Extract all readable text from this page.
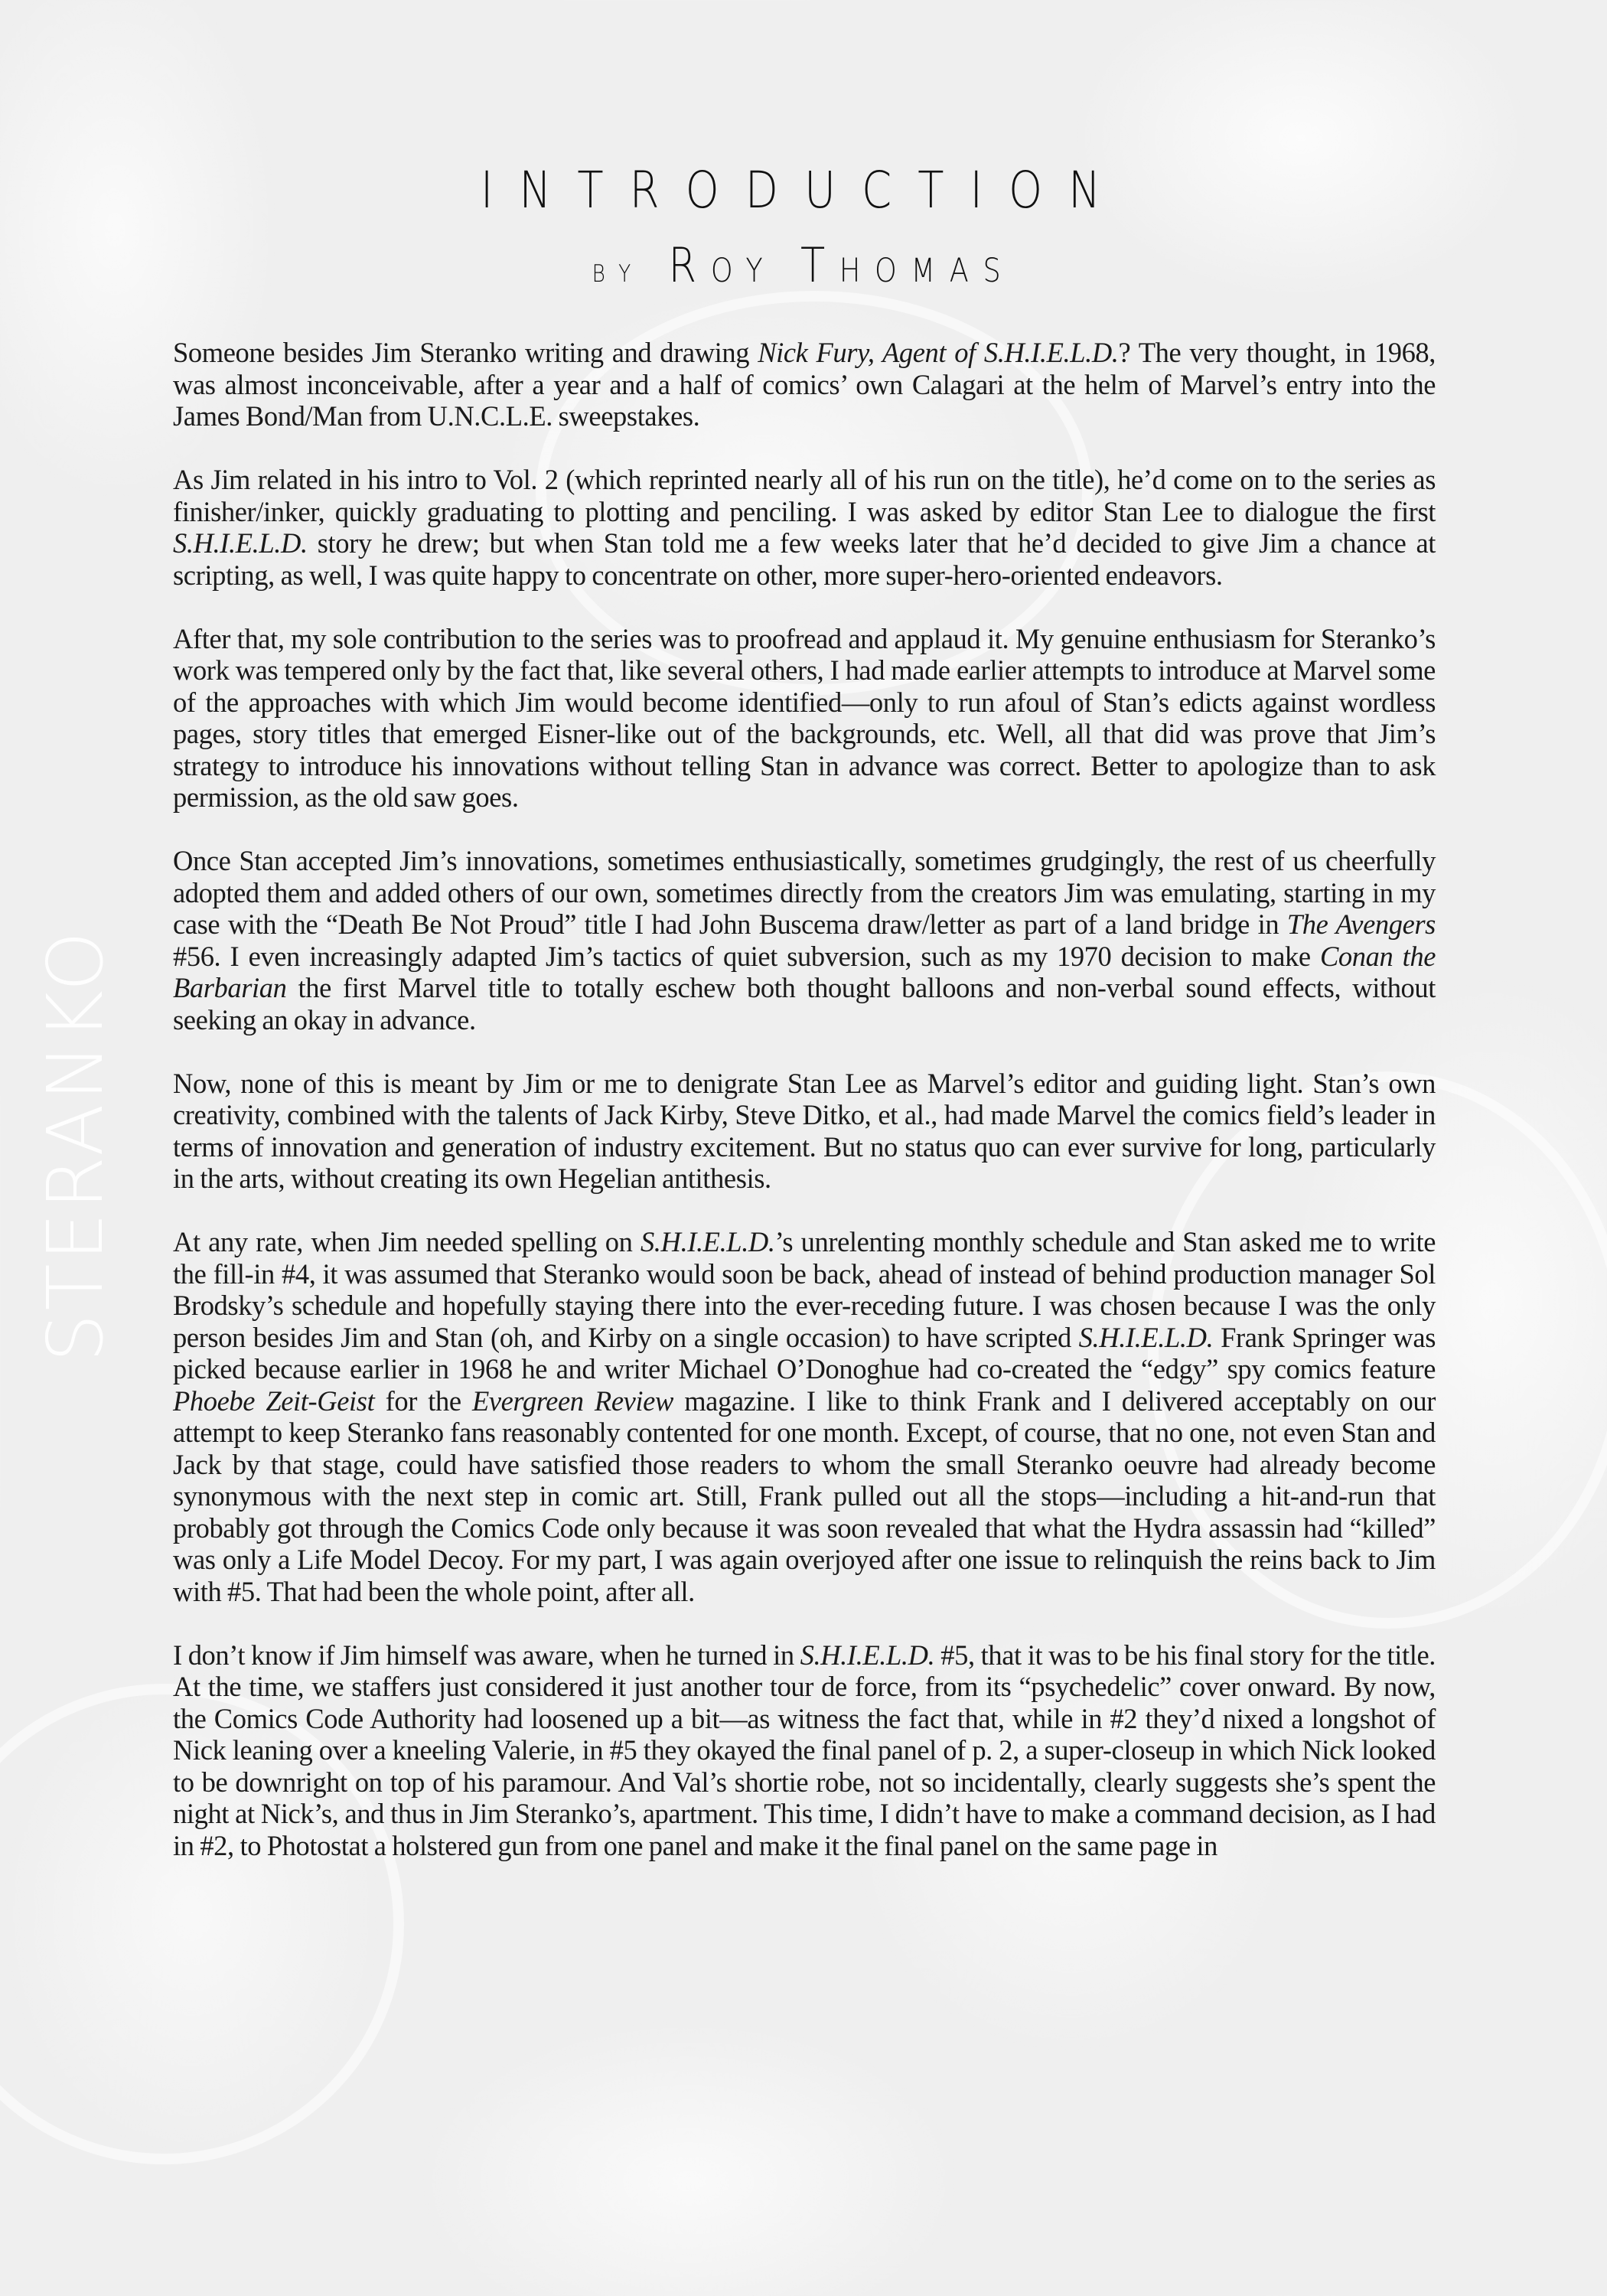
STERANKO
INTRODUCTION
by Roy Thomas

Someone besides Jim Steranko writing and drawing Nick Fury, Agent of S.H.I.E.L.D.? The very thought, in 1968, was almost inconceivable, after a year and a half of comics’ own Calagari at the helm of Marvel’s entry into the James Bond/Man from U.N.C.L.E. sweepstakes.

As Jim related in his intro to Vol. 2 (which reprinted nearly all of his run on the title), he’d come on to the series as finisher/inker, quickly graduating to plotting and penciling. I was asked by editor Stan Lee to dialogue the first S.H.I.E.L.D. story he drew; but when Stan told me a few weeks later that he’d decided to give Jim a chance at scripting, as well, I was quite happy to concentrate on other, more super-hero-oriented endeavors.

After that, my sole contribution to the series was to proofread and applaud it. My genuine enthusiasm for Steranko’s work was tempered only by the fact that, like several others, I had made earlier attempts to introduce at Marvel some of the approaches with which Jim would become identified—only to run afoul of Stan’s edicts against wordless pages, story titles that emerged Eisner-like out of the backgrounds, etc. Well, all that did was prove that Jim’s strategy to introduce his innovations without telling Stan in advance was correct. Better to apologize than to ask permission, as the old saw goes.

Once Stan accepted Jim’s innovations, sometimes enthusiastically, sometimes grudgingly, the rest of us cheerfully adopted them and added others of our own, sometimes directly from the creators Jim was emulating, starting in my case with the “Death Be Not Proud” title I had John Buscema draw/letter as part of a land bridge in The Avengers #56. I even increasingly adapted Jim’s tactics of quiet subversion, such as my 1970 decision to make Conan the Barbarian the first Marvel title to totally eschew both thought balloons and non-verbal sound effects, without seeking an okay in advance.

Now, none of this is meant by Jim or me to denigrate Stan Lee as Marvel’s editor and guiding light. Stan’s own creativity, combined with the talents of Jack Kirby, Steve Ditko, et al., had made Marvel the comics field’s leader in terms of innovation and generation of industry excitement. But no status quo can ever survive for long, particularly in the arts, without creating its own Hegelian antithesis.

At any rate, when Jim needed spelling on S.H.I.E.L.D.’s unrelenting monthly schedule and Stan asked me to write the fill-in #4, it was assumed that Steranko would soon be back, ahead of instead of behind production manager Sol Brodsky’s schedule and hopefully staying there into the ever-receding future. I was chosen because I was the only person besides Jim and Stan (oh, and Kirby on a single occasion) to have scripted S.H.I.E.L.D. Frank Springer was picked because earlier in 1968 he and writer Michael O’Donoghue had co-created the “edgy” spy comics feature Phoebe Zeit-Geist for the Evergreen Review magazine. I like to think Frank and I delivered acceptably on our attempt to keep Steranko fans reasonably contented for one month. Except, of course, that no one, not even Stan and Jack by that stage, could have satisfied those readers to whom the small Steranko oeuvre had already become synonymous with the next step in comic art. Still, Frank pulled out all the stops—including a hit-and-run that probably got through the Comics Code only because it was soon revealed that what the Hydra assassin had “killed” was only a Life Model Decoy. For my part, I was again overjoyed after one issue to relinquish the reins back to Jim with #5. That had been the whole point, after all.

I don’t know if Jim himself was aware, when he turned in S.H.I.E.L.D. #5, that it was to be his final story for the title. At the time, we staffers just considered it just another tour de force, from its “psychedelic” cover onward. By now, the Comics Code Authority had loosened up a bit—as witness the fact that, while in #2 they’d nixed a longshot of Nick leaning over a kneeling Valerie, in #5 they okayed the final panel of p. 2, a super-closeup in which Nick looked to be downright on top of his paramour. And Val’s shortie robe, not so incidentally, clearly suggests she’s spent the night at Nick’s, and thus in Jim Steranko’s, apartment. This time, I didn’t have to make a command decision, as I had in #2, to Photostat a holstered gun from one panel and make it the final panel on the same page in
